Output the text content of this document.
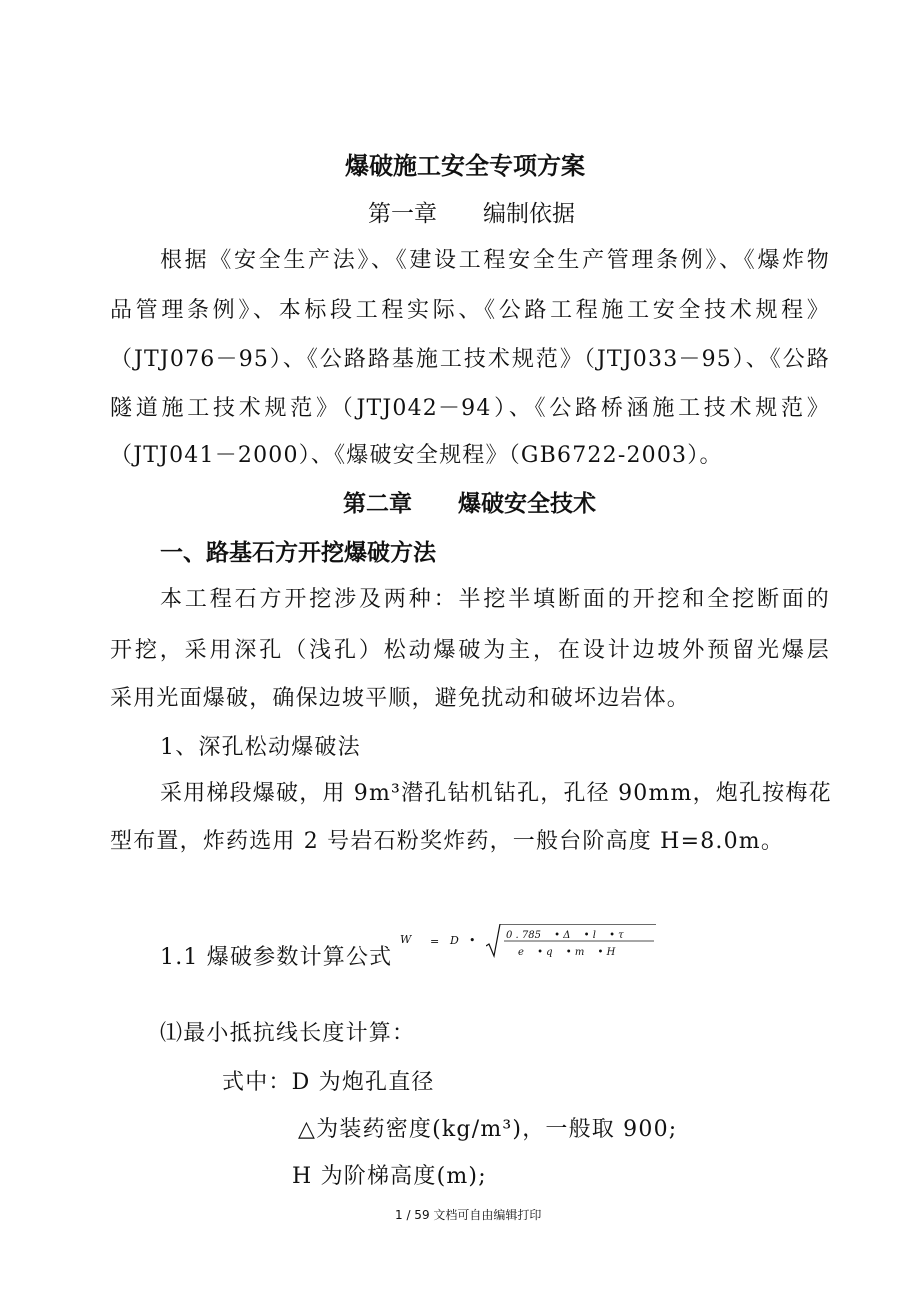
爆破施工安全专项方案
第一章　　编制依据
根据《安全生产法》、《建设工程安全生产管理条例》、《爆炸物
品管理条例》、本标段工程实际、《公路工程施工安全技术规程》
（JTJ076－95）、《公路路基施工技术规范》（JTJ033－95）、《公路
隧道施工技术规范》（JTJ042－94）、《公路桥涵施工技术规范》
（JTJ041－2000）、《爆破安全规程》（GB6722-2003）。
第二章　　爆破安全技术
一、路基石方开挖爆破方法
本工程石方开挖涉及两种：半挖半填断面的开挖和全挖断面的
开挖，采用深孔（浅孔）松动爆破为主，在设计边坡外预留光爆层
采用光面爆破，确保边坡平顺，避免扰动和破坏边岩体。
1、深孔松动爆破法
采用梯段爆破，用 9m³潜孔钻机钻孔，孔径 90mm，炮孔按梅花
型布置，炸药选用 2 号岩石粉奖炸药，一般台阶高度 H=8.0m。
1.1 爆破参数计算公式
W = D •	0 . 785 　• Δ 　• l 　• τ
e 　• q 　• m 　• H
⑴最小抵抗线长度计算：
式中：D 为炮孔直径
△为装药密度(kg/m³)，一般取 900;
H 为阶梯高度(m);
1 / 59 文档可自由编辑打印
